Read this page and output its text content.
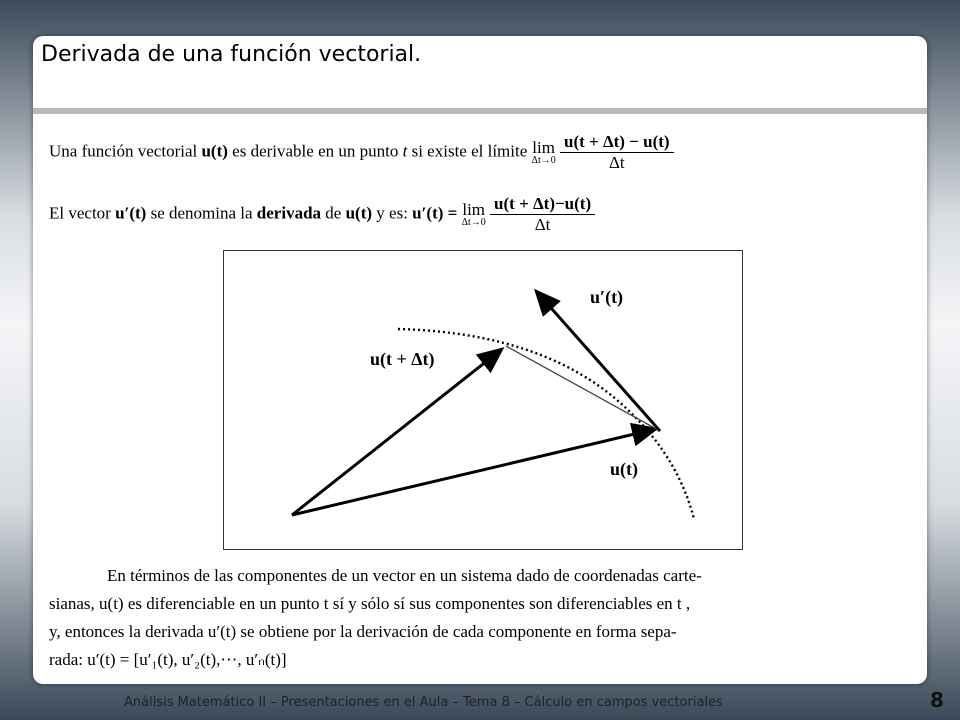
Derivada de una función vectorial.
Una función vectorial u(t) es derivable en un punto t si existe el límite lim
Δt→0
$\frac{u(t + \Delta t) - u(t)}{\Delta t}$
El vector u′(t) se denomina la derivada de u(t) y es: u′(t) = lim
Δt→0
$\frac{u(t + \Delta t)-u(t)}{\Delta t}$
u′(t)
u(t + Δt)
u(t)

En términos de las componentes de un vector en un sistema dado de coordenadas carte-

sianas, u(t) es diferenciable en un punto t sí y sólo sí sus componentes son diferenciables en t ,

y, entonces la derivada u′(t) se obtiene por la derivación de cada componente en forma sepa-

rada: u′(t) = [u′₁(t), u′₂(t),⋯, u′ₙ(t)]

Análisis Matemático II – Presentaciones en el Aula – Tema 8 – Cálculo en campos vectoriales	8
